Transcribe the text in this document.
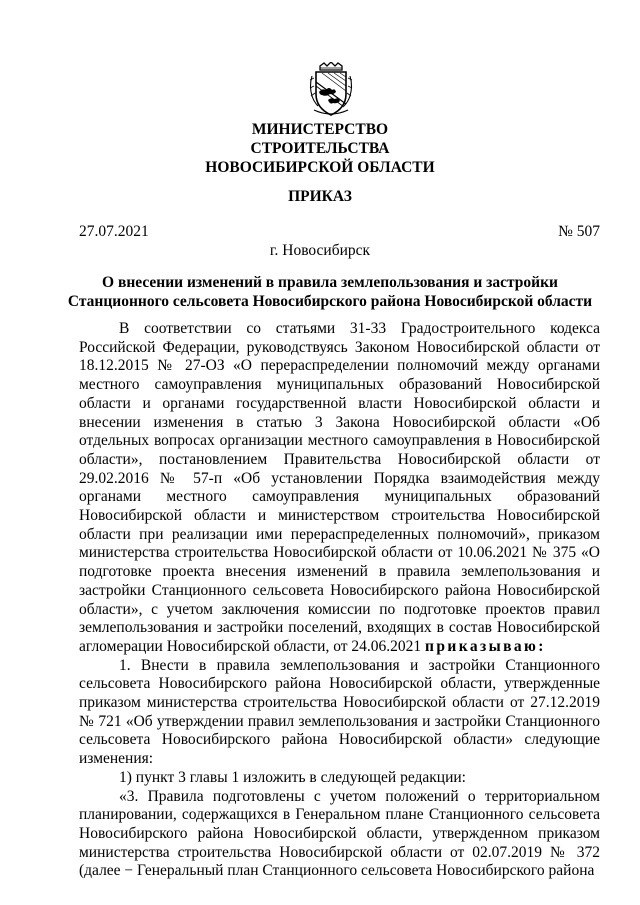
МИНИСТЕРСТВО
СТРОИТЕЛЬСТВА
НОВОСИБИРСКОЙ ОБЛАСТИ
ПРИКАЗ
27.07.2021	№ 507
г. Новосибирск
О внесении изменений в правила землепользования и застройки
Станционного сельсовета Новосибирского района Новосибирской области

В соответствии со статьями 31-33 Градостроительного кодекса Российской Федерации, руководствуясь Законом Новосибирской области от 18.12.2015 № 27-ОЗ «О перераспределении полномочий между органами местного самоуправления муниципальных образований Новосибирской области и органами государственной власти Новосибирской области и внесении изменения в статью 3 Закона Новосибирской области «Об отдельных вопросах организации местного самоуправления в Новосибирской области», постановлением Правительства Новосибирской области от 29.02.2016 № 57-п «Об установлении Порядка взаимодействия между органами местного самоуправления муниципальных образований Новосибирской области и министерством строительства Новосибирской области при реализации ими перераспределенных полномочий», приказом министерства строительства Новосибирской области от 10.06.2021 № 375 «О подготовке проекта внесения изменений в правила землепользования и застройки Станционного сельсовета Новосибирского района Новосибирской области», с учетом заключения комиссии по подготовке проектов правил землепользования и застройки поселений, входящих в состав Новосибирской агломерации Новосибирской области, от 24.06.2021 приказываю:

1. Внести в правила землепользования и застройки Станционного сельсовета Новосибирского района Новосибирской области, утвержденные приказом министерства строительства Новосибирской области от 27.12.2019 № 721 «Об утверждении правил землепользования и застройки Станционного сельсовета Новосибирского района Новосибирской области» следующие изменения:

1) пункт 3 главы 1 изложить в следующей редакции:

«3. Правила подготовлены с учетом положений о территориальном планировании, содержащихся в Генеральном плане Станционного сельсовета Новосибирского района Новосибирской области, утвержденном приказом министерства строительства Новосибирской области от 02.07.2019 № 372 (далее − Генеральный план Станционного сельсовета Новосибирского района
